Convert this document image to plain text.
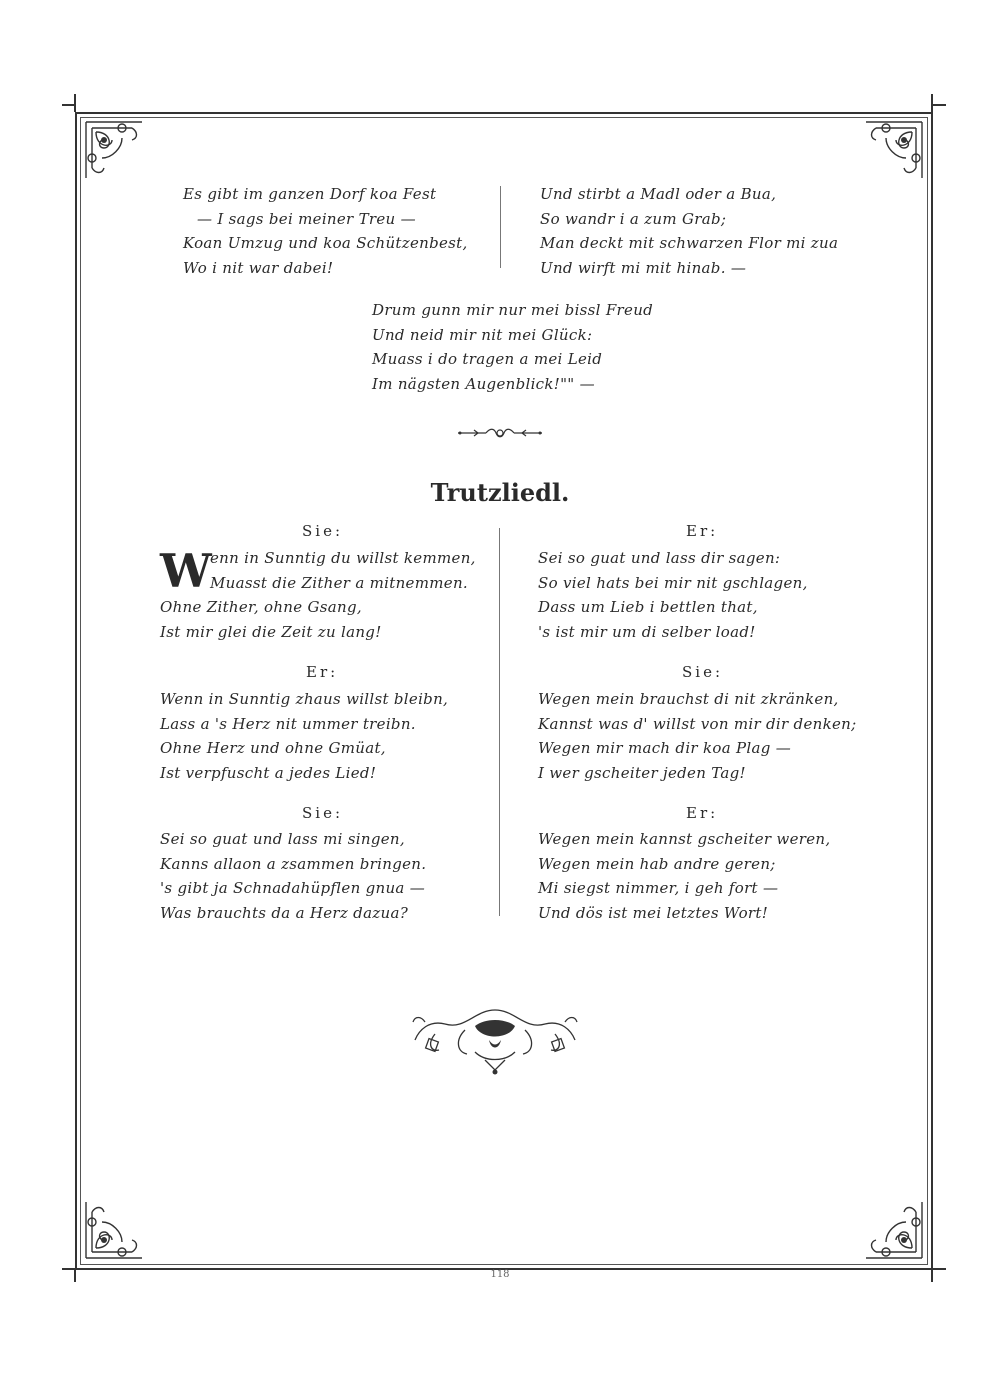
Es gibt im ganzen Dorf koa Fest
— I sags bei meiner Treu —
Koan Umzug und koa Schützenbest,
Wo i nit war dabei!
Und stirbt a Madl oder a Bua,
So wandr i a zum Grab;
Man deckt mit schwarzen Flor mi zua
Und wirft mi mit hinab. —
Drum gunn mir nur mei bissl Freud
Und neid mir nit mei Glück:
Muass i do tragen a mei Leid
Im nägsten Augenblick!"" —
Trutzliedl.
Sie:
W
enn in Sunntig du willst kemmen,
Muasst die Zither a mitnemmen.
Ohne Zither, ohne Gsang,
Ist mir glei die Zeit zu lang!
Er:
Wenn in Sunntig zhaus willst bleibn,
Lass a 's Herz nit ummer treibn.
Ohne Herz und ohne Gmüat,
Ist verpfuscht a jedes Lied!
Sie:
Sei so guat und lass mi singen,
Kanns allaon a zsammen bringen.
's gibt ja Schnadahüpflen gnua —
Was brauchts da a Herz dazua?
Er:
Sei so guat und lass dir sagen:
So viel hats bei mir nit gschlagen,
Dass um Lieb i bettlen that,
's ist mir um di selber load!
Sie:
Wegen mein brauchst di nit zkränken,
Kannst was d' willst von mir dir denken;
Wegen mir mach dir koa Plag —
I wer gscheiter jeden Tag!
Er:
Wegen mein kannst gscheiter weren,
Wegen mein hab andre geren;
Mi siegst nimmer, i geh fort —
Und dös ist mei letztes Wort!
118
